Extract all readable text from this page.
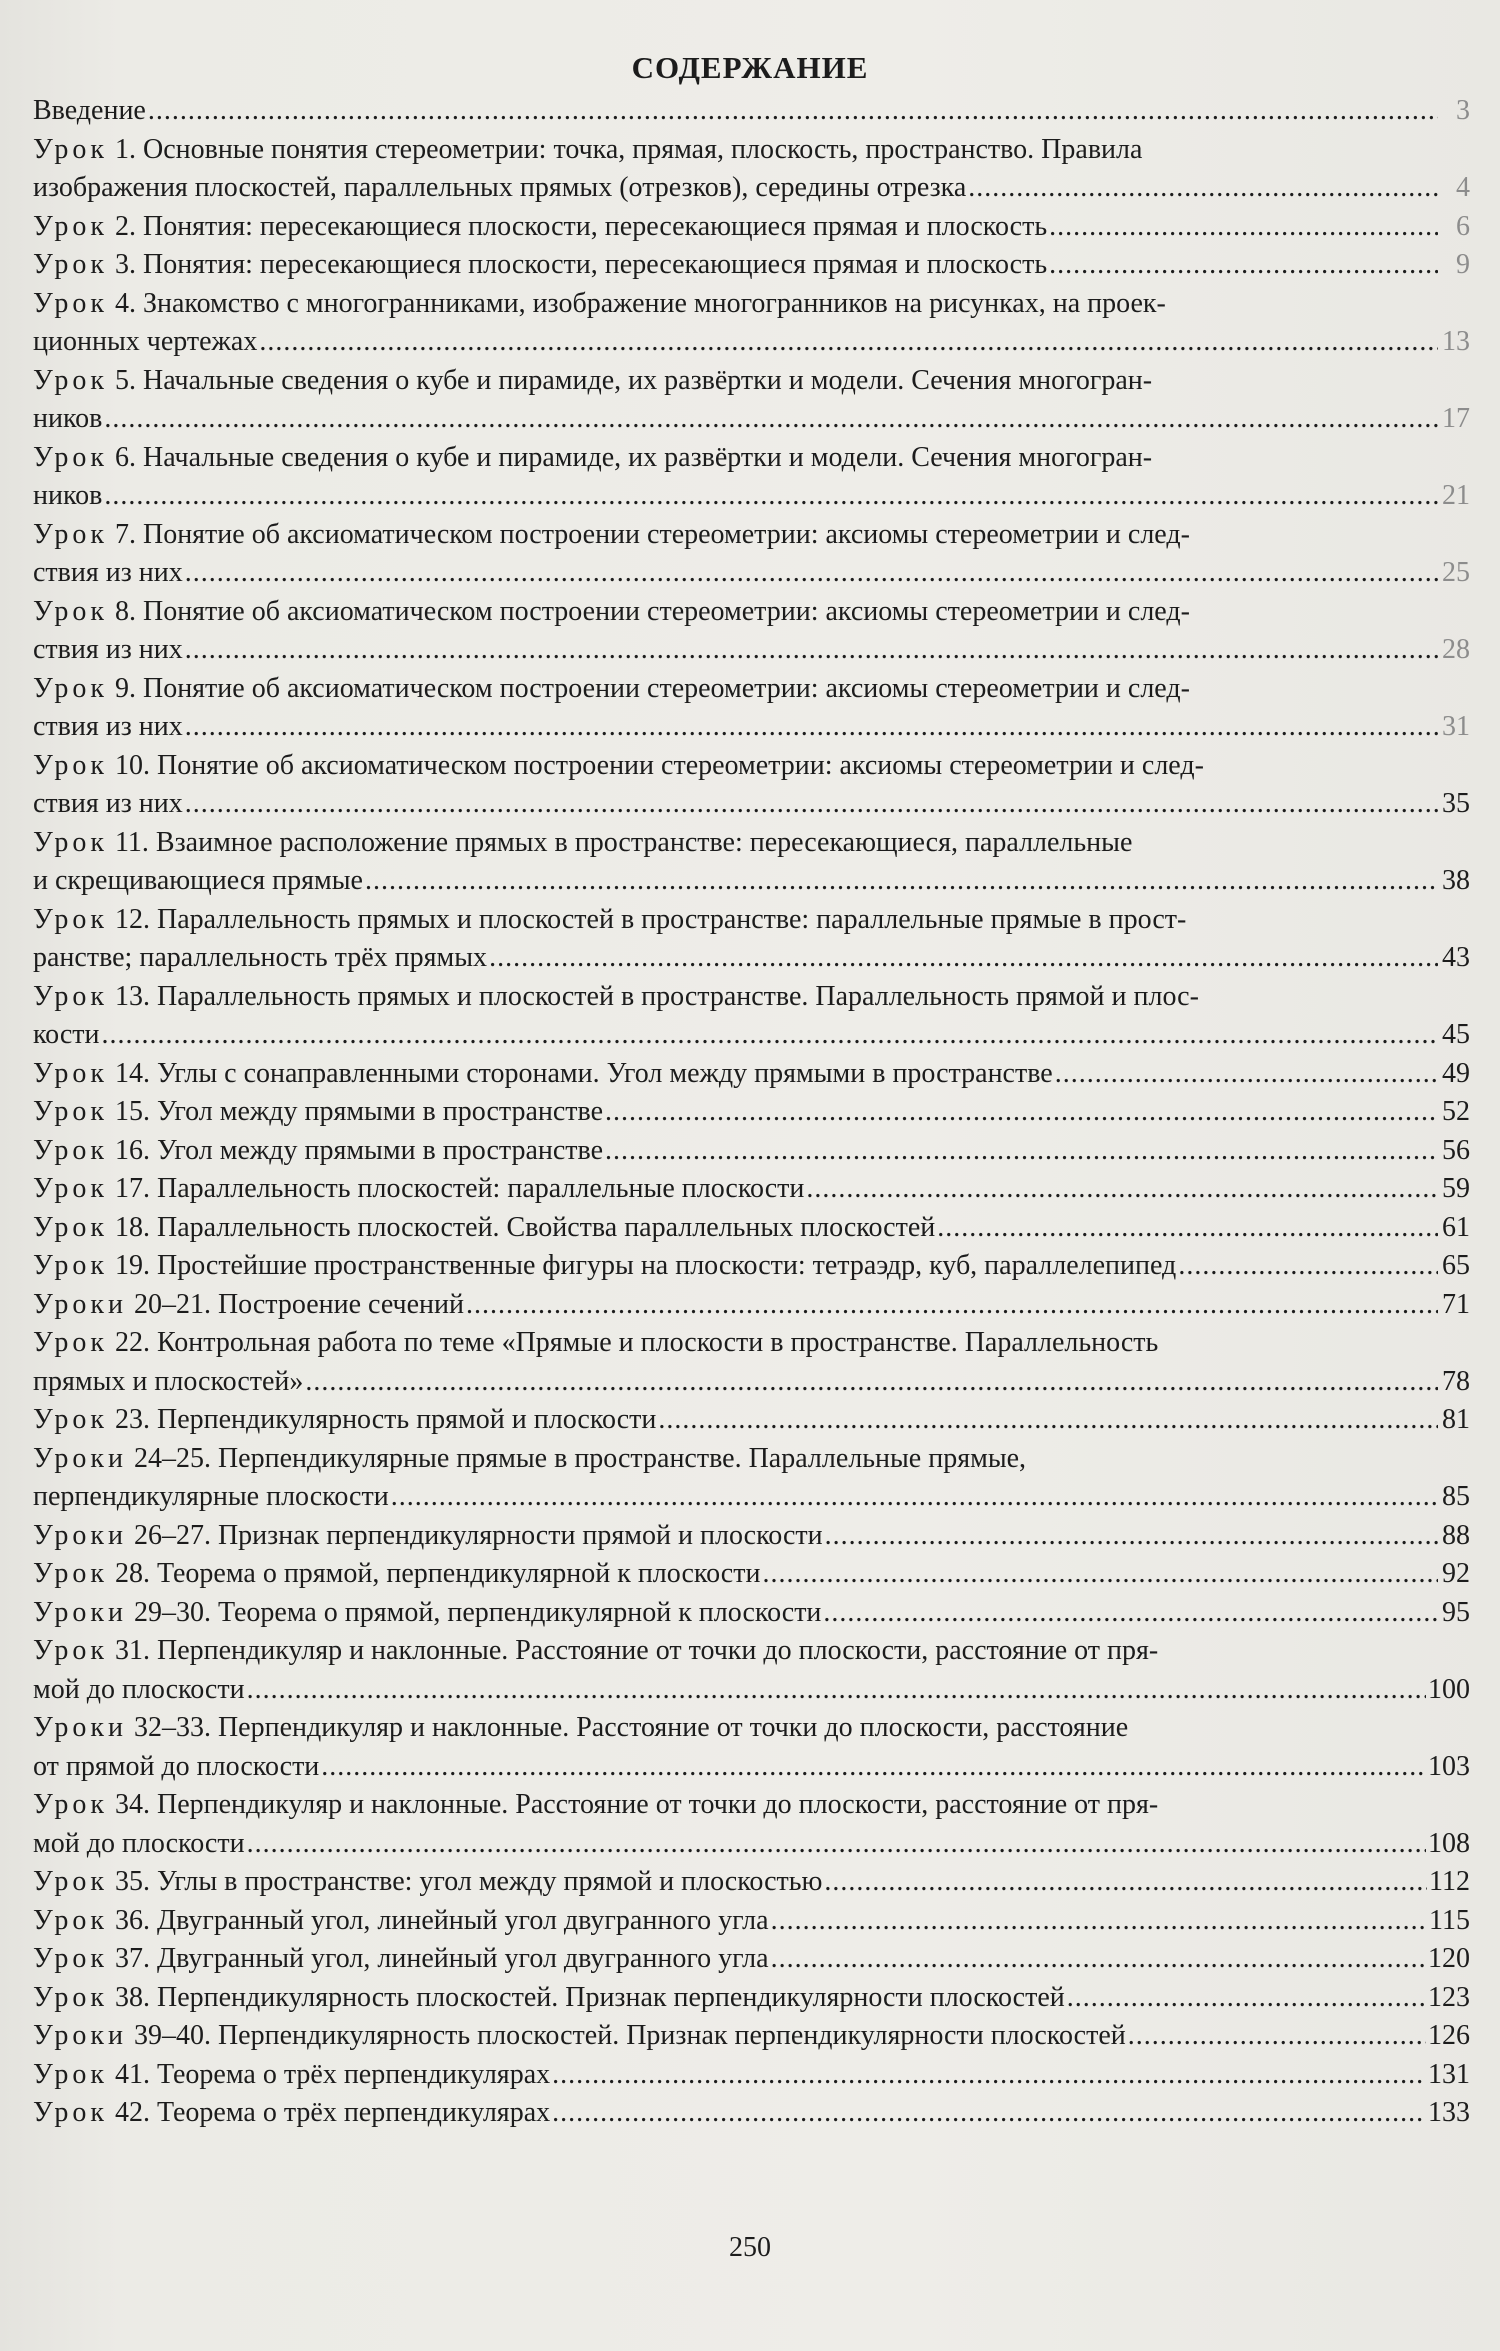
СОДЕРЖАНИЕ
Введение .....	3
Урок 1. Основные понятия стереометрии: точка, прямая, плоскость, пространство. Правила
изображения плоскостей, параллельных прямых (отрезков), середины отрезка .....	4
Урок 2. Понятия: пересекающиеся плоскости, пересекающиеся прямая и плоскость .....	6
Урок 3. Понятия: пересекающиеся плоскости, пересекающиеся прямая и плоскость .....	9
Урок 4. Знакомство с многогранниками, изображение многогранников на рисунках, на проек-
ционных чертежах .....	13
Урок 5. Начальные сведения о кубе и пирамиде, их развёртки и модели. Сечения многогран-
ников .....	17
Урок 6. Начальные сведения о кубе и пирамиде, их развёртки и модели. Сечения многогран-
ников .....	21
Урок 7. Понятие об аксиоматическом построении стереометрии: аксиомы стереометрии и след-
ствия из них .....	25
Урок 8. Понятие об аксиоматическом построении стереометрии: аксиомы стереометрии и след-
ствия из них .....	28
Урок 9. Понятие об аксиоматическом построении стереометрии: аксиомы стереометрии и след-
ствия из них .....	31
Урок 10. Понятие об аксиоматическом построении стереометрии: аксиомы стереометрии и след-
ствия из них .....	35
Урок 11. Взаимное расположение прямых в пространстве: пересекающиеся, параллельные
и скрещивающиеся прямые .....	38
Урок 12. Параллельность прямых и плоскостей в пространстве: параллельные прямые в прост-
ранстве; параллельность трёх прямых .....	43
Урок 13. Параллельность прямых и плоскостей в пространстве. Параллельность прямой и плос-
кости .....	45
Урок 14. Углы с сонаправленными сторонами. Угол между прямыми в пространстве .....	49
Урок 15. Угол между прямыми в пространстве .....	52
Урок 16. Угол между прямыми в пространстве .....	56
Урок 17. Параллельность плоскостей: параллельные плоскости .....	59
Урок 18. Параллельность плоскостей. Свойства параллельных плоскостей .....	61
Урок 19. Простейшие пространственные фигуры на плоскости: тетраэдр, куб, параллелепипед .....	65
Уроки 20–21. Построение сечений .....	71
Урок 22. Контрольная работа по теме «Прямые и плоскости в пространстве. Параллельность
прямых и плоскостей» .....	78
Урок 23. Перпендикулярность прямой и плоскости .....	81
Уроки 24–25. Перпендикулярные прямые в пространстве. Параллельные прямые,
перпендикулярные плоскости .....	85
Уроки 26–27. Признак перпендикулярности прямой и плоскости .....	88
Урок 28. Теорема о прямой, перпендикулярной к плоскости .....	92
Уроки 29–30. Теорема о прямой, перпендикулярной к плоскости .....	95
Урок 31. Перпендикуляр и наклонные. Расстояние от точки до плоскости, расстояние от пря-
мой до плоскости .....	100
Уроки 32–33. Перпендикуляр и наклонные. Расстояние от точки до плоскости, расстояние
от прямой до плоскости .....	103
Урок 34. Перпендикуляр и наклонные. Расстояние от точки до плоскости, расстояние от пря-
мой до плоскости .....	108
Урок 35. Углы в пространстве: угол между прямой и плоскостью .....	112
Урок 36. Двугранный угол, линейный угол двугранного угла .....	115
Урок 37. Двугранный угол, линейный угол двугранного угла .....	120
Урок 38. Перпендикулярность плоскостей. Признак перпендикулярности плоскостей .....	123
Уроки 39–40. Перпендикулярность плоскостей. Признак перпендикулярности плоскостей .....	126
Урок 41. Теорема о трёх перпендикулярах .....	131
Урок 42. Теорема о трёх перпендикулярах .....	133
250
